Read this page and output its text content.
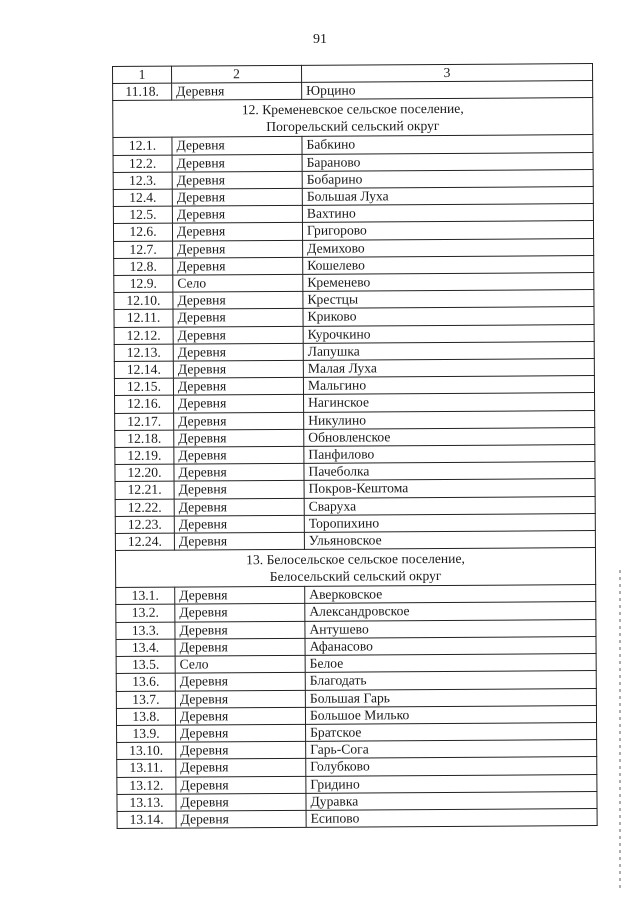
91
1	2	3
11.18.	Деревня	Юрцино

12. Кременевское сельское поселение,
Погорельский сельский округ		

12.1.	Деревня	Бабкино
12.2.	Деревня	Бараново
12.3.	Деревня	Бобарино
12.4.	Деревня	Большая Луха
12.5.	Деревня	Вахтино
12.6.	Деревня	Григорово
12.7.	Деревня	Демихово
12.8.	Деревня	Кошелево
12.9.	Село	Кременево
12.10.	Деревня	Крестцы
12.11.	Деревня	Криково
12.12.	Деревня	Курочкино
12.13.	Деревня	Лапушка
12.14.	Деревня	Малая Луха
12.15.	Деревня	Мальгино
12.16.	Деревня	Нагинское
12.17.	Деревня	Никулино
12.18.	Деревня	Обновленское
12.19.	Деревня	Панфилово
12.20.	Деревня	Пачеболка
12.21.	Деревня	Покров-Кештома
12.22.	Деревня	Сваруха
12.23.	Деревня	Торопихино
12.24.	Деревня	Ульяновское

13. Белосельское сельское поселение,
Белосельский сельский округ		

13.1.	Деревня	Аверковское
13.2.	Деревня	Александровское
13.3.	Деревня	Антушево
13.4.	Деревня	Афанасово
13.5.	Село	Белое
13.6.	Деревня	Благодать
13.7.	Деревня	Большая Гарь
13.8.	Деревня	Большое Милько
13.9.	Деревня	Братское
13.10.	Деревня	Гарь-Сога
13.11.	Деревня	Голубково
13.12.	Деревня	Гридино
13.13.	Деревня	Дуравка
13.14.	Деревня	Есипово
